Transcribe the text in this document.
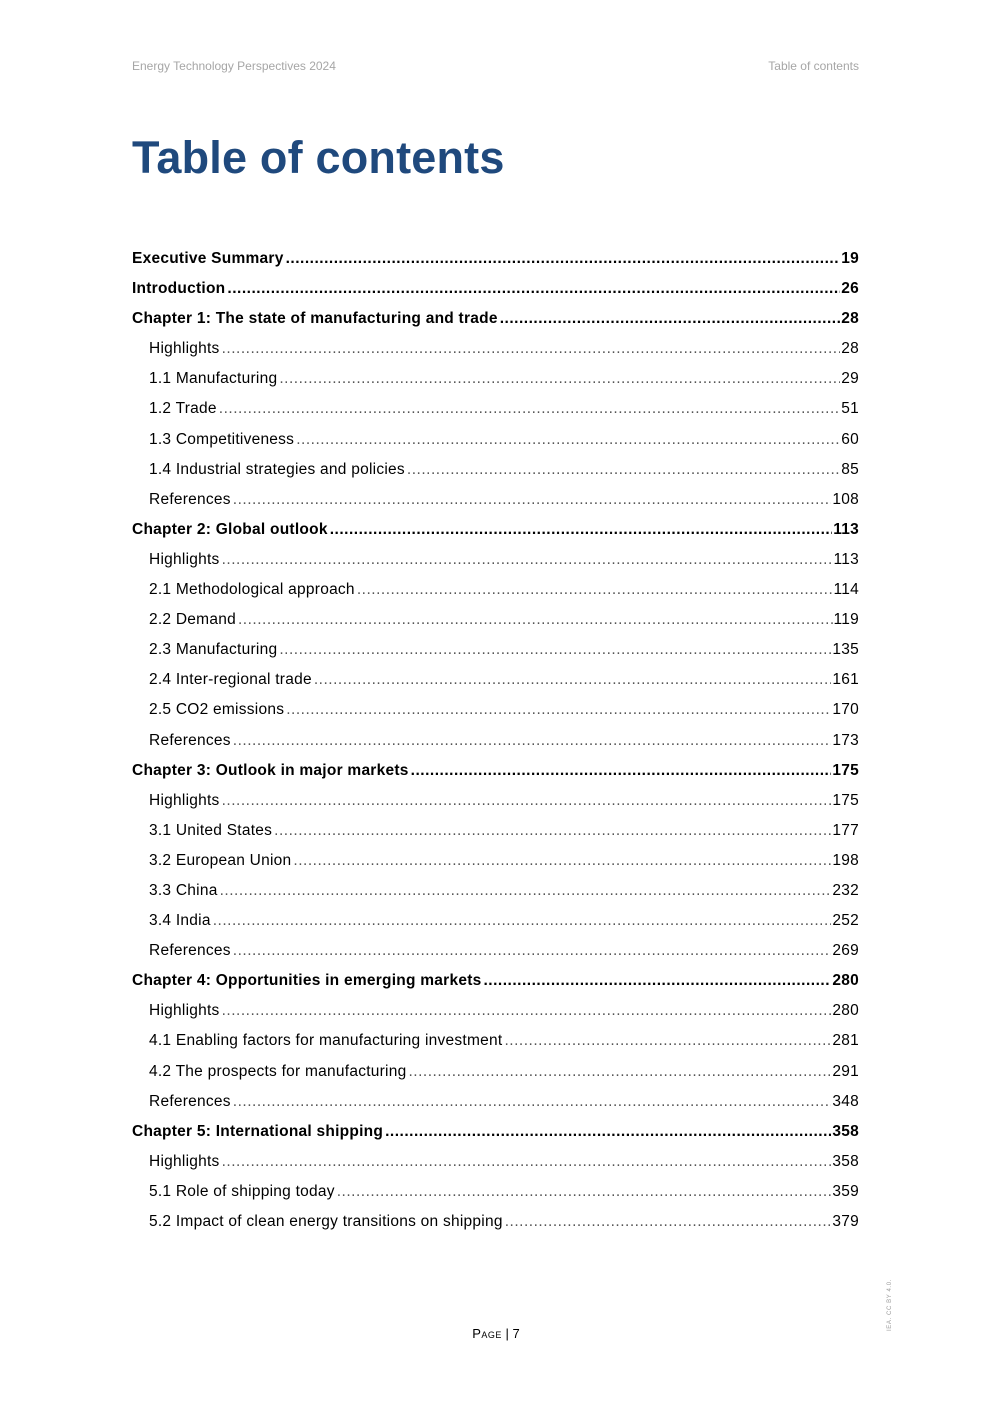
Energy Technology Perspectives 2024	Table of contents
Table of contents
Executive Summary . . .	19
Introduction . . .	26
Chapter 1: The state of manufacturing and trade . . .	28
Highlights . . .	28
1.1 Manufacturing . . .	29
1.2 Trade . . .	51
1.3 Competitiveness . . .	60
1.4 Industrial strategies and policies . . .	85
References . . .	108
Chapter 2: Global outlook . . .	113
Highlights . . .	113
2.1 Methodological approach . . .	114
2.2 Demand . . .	119
2.3 Manufacturing . . .	135
2.4 Inter-regional trade . . .	161
2.5 CO2 emissions . . .	170
References . . .	173
Chapter 3: Outlook in major markets . . .	175
Highlights . . .	175
3.1 United States . . .	177
3.2 European Union . . .	198
3.3 China . . .	232
3.4 India . . .	252
References . . .	269
Chapter 4: Opportunities in emerging markets . . .	280
Highlights . . .	280
4.1 Enabling factors for manufacturing investment . . .	281
4.2 The prospects for manufacturing . . .	291
References . . .	348
Chapter 5: International shipping . . .	358
Highlights . . .	358
5.1 Role of shipping today . . .	359
5.2 Impact of clean energy transitions on shipping . . .	379
Page | 7
IEA. CC BY 4.0.
